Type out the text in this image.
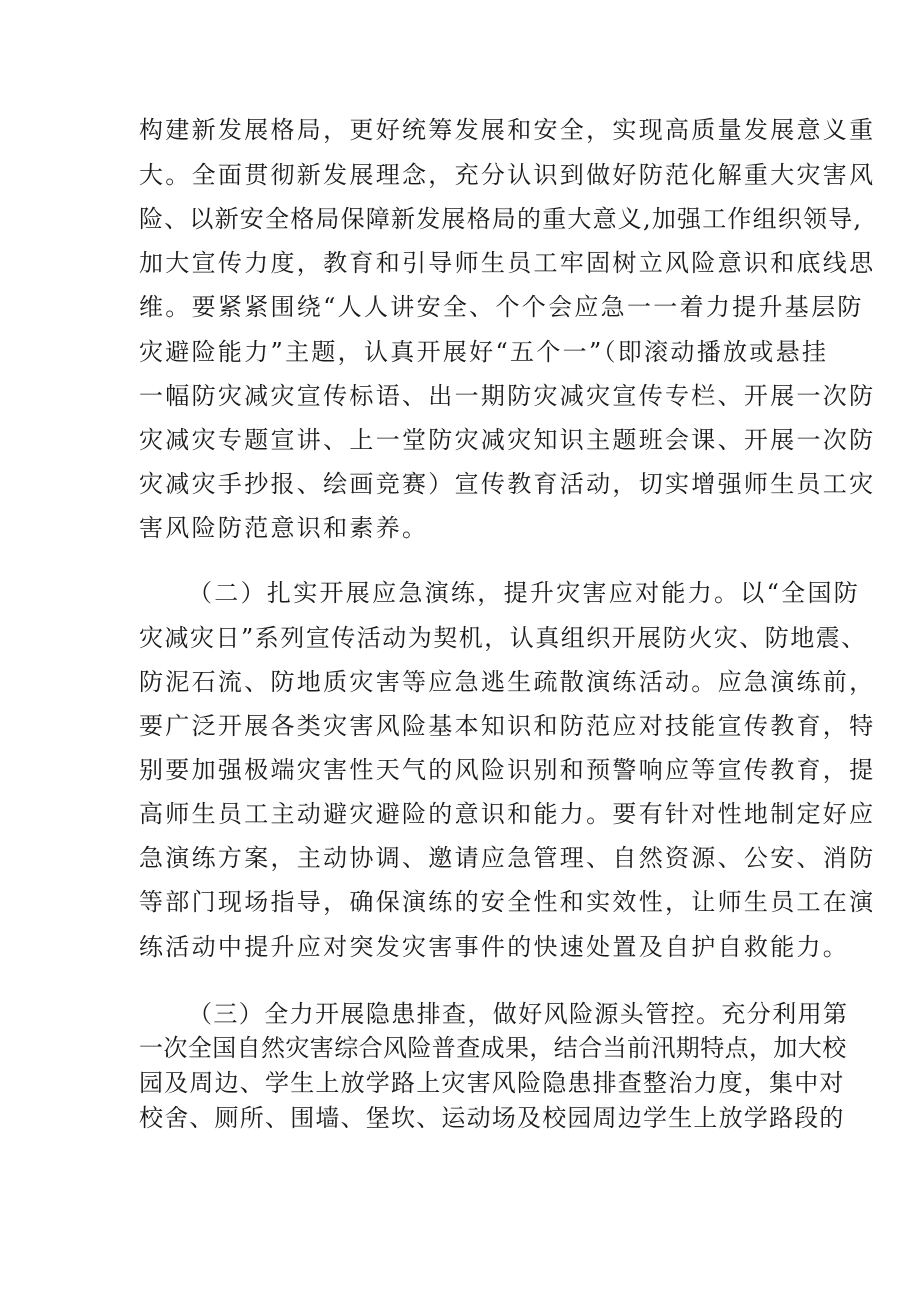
构建新发展格局，更好统筹发展和安全，实现高质量发展意义重
大。全面贯彻新发展理念，充分认识到做好防范化解重大灾害风
险、以新安全格局保障新发展格局的重大意义,加强工作组织领导,
加大宣传力度，教育和引导师生员工牢固树立风险意识和底线思
维。要紧紧围绕“人人讲安全、个个会应急一一着力提升基层防
灾避险能力”主题，认真开展好“五个一”（即滚动播放或悬挂
一幅防灾减灾宣传标语、出一期防灾减灾宣传专栏、开展一次防
灾减灾专题宣讲、上一堂防灾减灾知识主题班会课、开展一次防
灾减灾手抄报、绘画竞赛）宣传教育活动，切实增强师生员工灾
害风险防范意识和素养。
（二）扎实开展应急演练，提升灾害应对能力。以“全国防
灾减灾日”系列宣传活动为契机，认真组织开展防火灾、防地震、
防泥石流、防地质灾害等应急逃生疏散演练活动。应急演练前，
要广泛开展各类灾害风险基本知识和防范应对技能宣传教育，特
别要加强极端灾害性天气的风险识别和预警响应等宣传教育，提
高师生员工主动避灾避险的意识和能力。要有针对性地制定好应
急演练方案，主动协调、邀请应急管理、自然资源、公安、消防
等部门现场指导，确保演练的安全性和实效性，让师生员工在演
练活动中提升应对突发灾害事件的快速处置及自护自救能力。
（三）全力开展隐患排查，做好风险源头管控。充分利用第
一次全国自然灾害综合风险普查成果，结合当前汛期特点，加大校
园及周边、学生上放学路上灾害风险隐患排查整治力度，集中对
校舍、厕所、围墙、堡坎、运动场及校园周边学生上放学路段的
